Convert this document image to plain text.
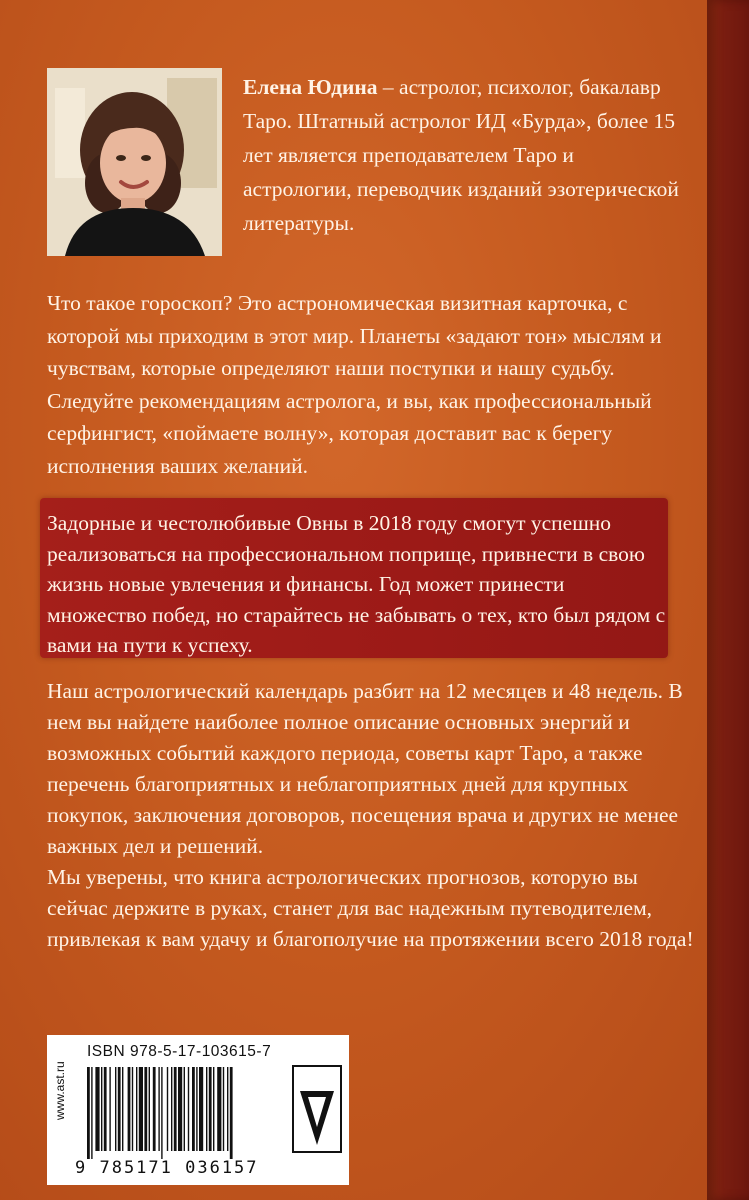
Елена Юдина – астролог, психолог, бакалавр Таро. Штатный астролог ИД «Бурда», более 15 лет является преподавателем Таро и астрологии, переводчик изданий эзотерической литературы.
Что такое гороскоп? Это астрономическая визитная карточка, с которой мы приходим в этот мир. Планеты «задают тон» мыслям и чувствам, которые определяют наши поступки и нашу судьбу. Следуйте рекомендациям астролога, и вы, как профессиональный серфингист, «поймаете волну», которая доставит вас к берегу исполнения ваших желаний.
Задорные и честолюбивые Овны в 2018 году смогут успешно реализоваться на профессиональном поприще, привнести в свою жизнь новые увлечения и финансы. Год может принести множество побед, но старайтесь не забывать о тех, кто был рядом с вами на пути к успеху.
Наш астрологический календарь разбит на 12 месяцев и 48 недель. В нем вы найдете наиболее полное описание основных энергий и возможных событий каждого периода, советы карт Таро, а также перечень благоприятных и неблагоприятных дней для крупных покупок, заключения договоров, посещения врача и других не менее важных дел и решений.
Мы уверены, что книга астрологических прогнозов, которую вы сейчас держите в руках, станет для вас надежным путеводителем, привлекая к вам удачу и благополучие на протяжении всего 2018 года!
ISBN 978-5-17-103615-7
www.ast.ru
9 785171 036157
